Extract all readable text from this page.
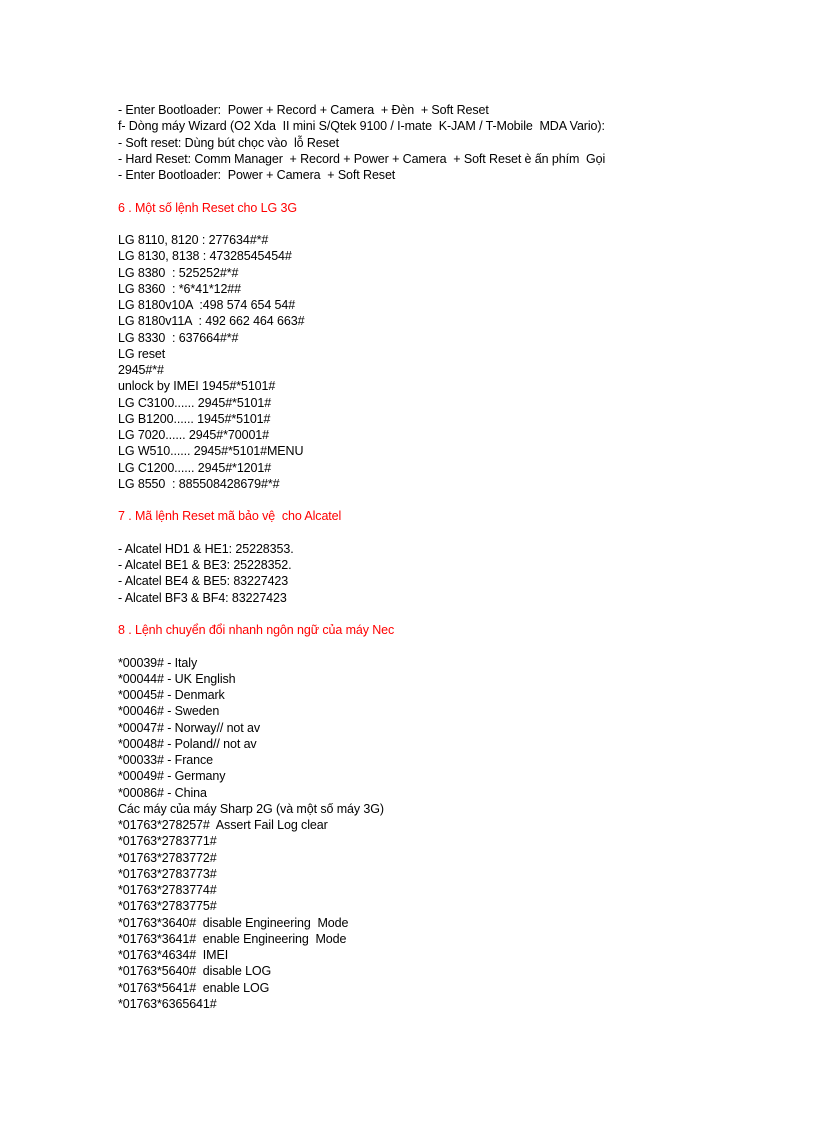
- Enter Bootloader:  Power + Record + Camera  + Đèn  + Soft Reset
f- Dòng máy Wizard (O2 Xda  II mini S/Qtek 9100 / I-mate  K-JAM / T-Mobile  MDA Vario):
- Soft reset: Dùng bút chọc vào  lỗ Reset
- Hard Reset: Comm Manager  + Record + Power + Camera  + Soft Reset è ấn phím  Gọi
- Enter Bootloader:  Power + Camera  + Soft Reset
6 . Một số lệnh Reset cho LG 3G
LG 8110, 8120 : 277634#*#
LG 8130, 8138 : 47328545454#
LG 8380  : 525252#*#
LG 8360  : *6*41*12##
LG 8180v10A  :498 574 654 54#
LG 8180v11A  : 492 662 464 663#
LG 8330  : 637664#*#
LG reset
2945#*#
unlock by IMEI 1945#*5101#
LG C3100...... 2945#*5101#
LG B1200...... 1945#*5101#
LG 7020...... 2945#*70001#
LG W510...... 2945#*5101#MENU
LG C1200...... 2945#*1201#
LG 8550  : 885508428679#*#
7 . Mã lệnh Reset mã bảo vệ  cho Alcatel
- Alcatel HD1 & HE1: 25228353.
- Alcatel BE1 & BE3: 25228352.
- Alcatel BE4 & BE5: 83227423
- Alcatel BF3 & BF4: 83227423
8 . Lệnh chuyển đổi nhanh ngôn ngữ của máy Nec
*00039# - Italy
*00044# - UK English
*00045# - Denmark
*00046# - Sweden
*00047# - Norway// not av
*00048# - Poland// not av
*00033# - France
*00049# - Germany
*00086# - China
Các máy của máy Sharp 2G (và một số máy 3G)
*01763*278257#  Assert Fail Log clear
*01763*2783771#
*01763*2783772#
*01763*2783773#
*01763*2783774#
*01763*2783775#
*01763*3640#  disable Engineering  Mode
*01763*3641#  enable Engineering  Mode
*01763*4634#  IMEI
*01763*5640#  disable LOG
*01763*5641#  enable LOG
*01763*6365641#
